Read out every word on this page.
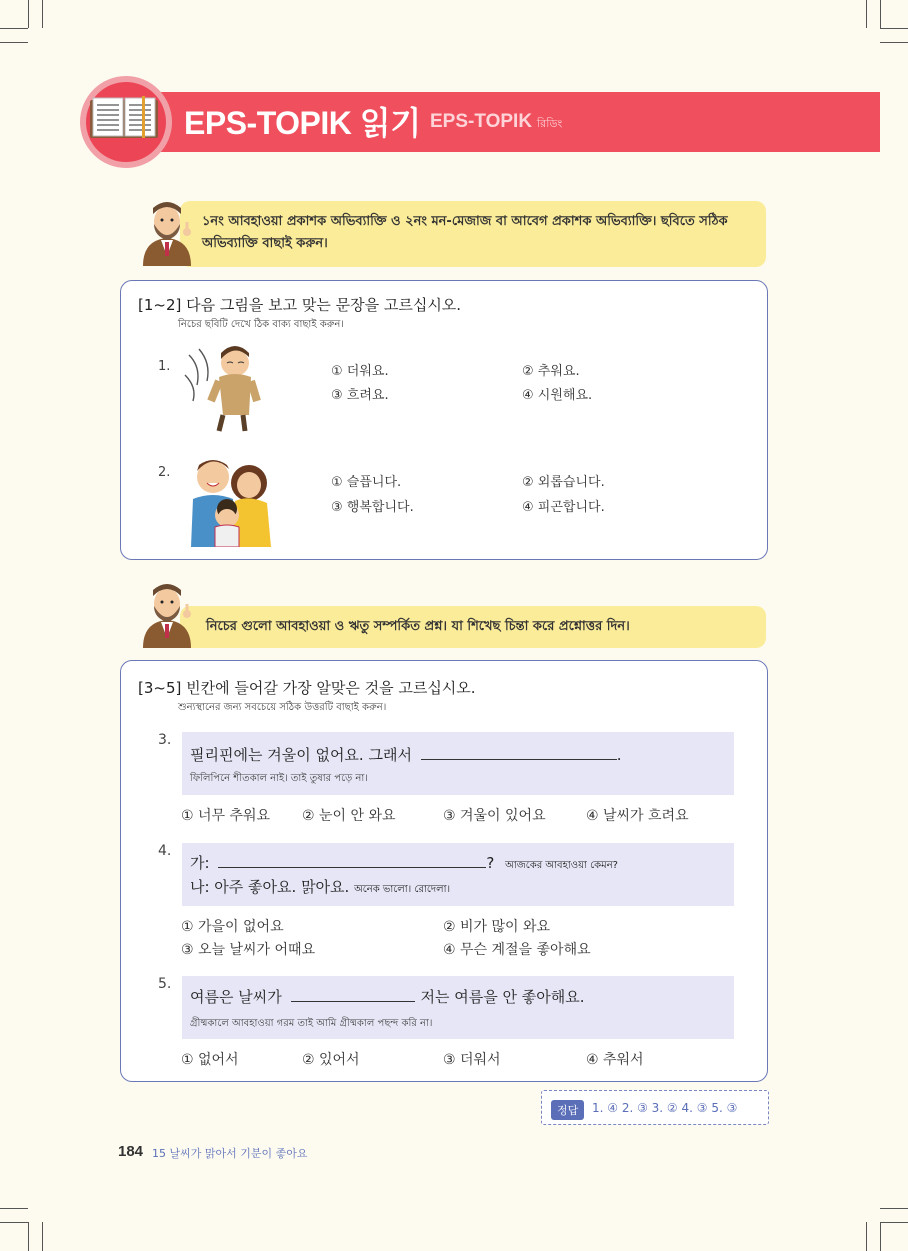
EPS-TOPIK 읽기 EPS-TOPIK রিডিং
১নং আবহাওয়া প্রকাশক অভিব্যাক্তি ও ২নং মন-মেজাজ বা আবেগ প্রকাশক অভিব্যাক্তি। ছবিতে সঠিক অভিব্যাক্তি বাছাই করুন।
[1~2] 다음 그림을 보고 맞는 문장을 고르십시오.
নিচের ছবিটি দেখে ঠিক বাক্য বাছাই করুন।
1.	① 더워요.	② 추워요.
③ 흐려요.	④ 시원해요.
2.
① 슬픕니다.	② 외롭습니다.
③ 행복합니다.	④ 피곤합니다.
নিচের গুলো আবহাওয়া ও ঋতু সম্পর্কিত প্রশ্ন। যা শিখেছ চিন্তা করে প্রশ্নোত্তর দিন।
[3~5] 빈칸에 들어갈 가장 알맞은 것을 고르십시오.
শুন্যস্থানের জন্য সবচেয়ে সঠিক উত্তরটি বাছাই করুন।
3.
필리핀에는 겨울이 없어요. 그래서	.
ফিলিপিনে শীতকাল নাই। তাই তুষার পড়ে না।
① 너무 추워요 ② 눈이 안 와요	③ 겨울이 있어요	④ 날씨가 흐려요
4.
가:	? আজকের আবহাওয়া কেমন?
나: 아주 좋아요. 맑아요. অনেক ভালো। রোদেলা।
① 가을이 없어요	② 비가 많이 와요
③ 오늘 날씨가 어때요	④ 무슨 계절을 좋아해요
5.
여름은 날씨가	저는 여름을 안 좋아해요.
গ্রীষ্মকালে আবহাওয়া গরম তাই আমি গ্রীষ্মকাল পছন্দ করি না।
① 없어서	② 있어서	③ 더워서	④ 추워서
정답	1. ④ 2. ③ 3. ② 4. ③ 5. ③
184 15 날씨가 맑아서 기분이 좋아요
